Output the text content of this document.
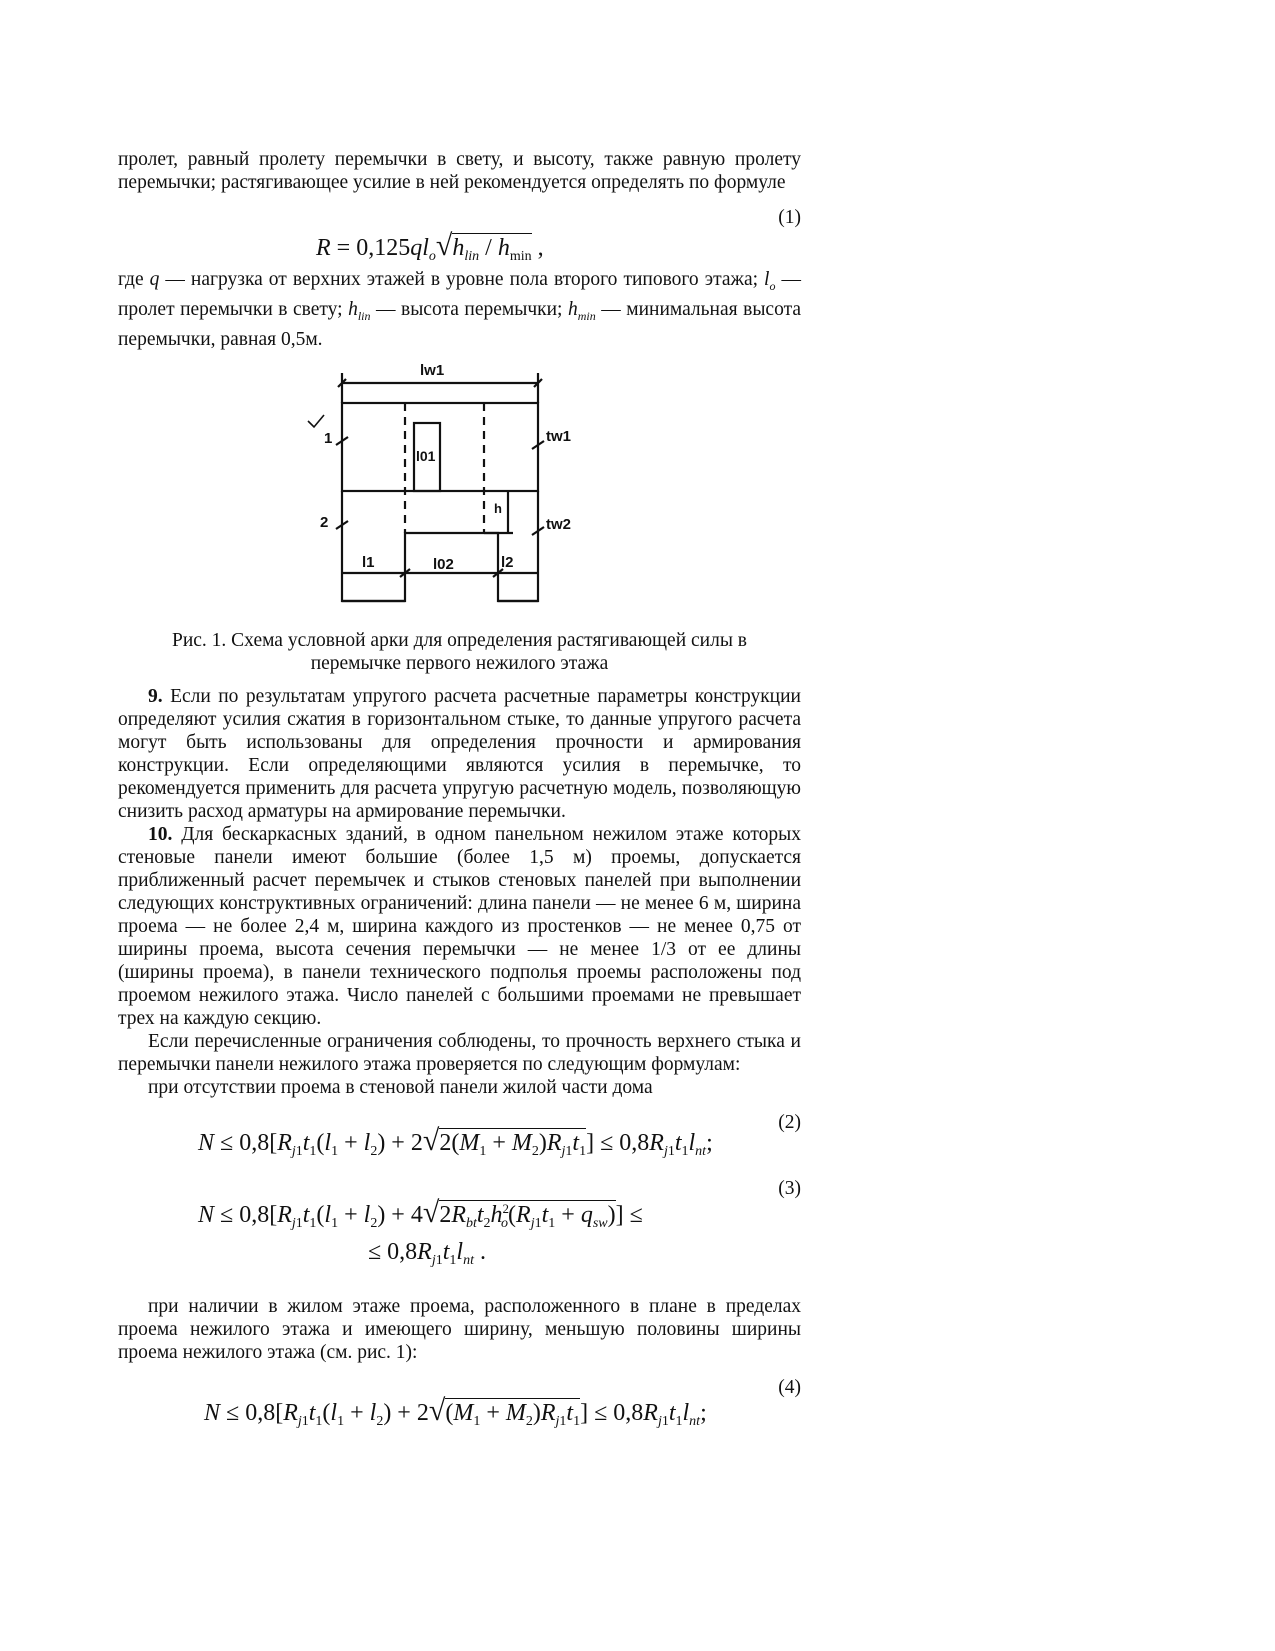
пролет, равный пролету перемычки в свету, и высоту, также равную пролету перемычки; растягивающее усилие в ней рекомендуется определять по формуле

(1)
$R = 0,125ql_o√h_{lin} / h_{min}$ ,

где q — нагрузка от верхних этажей в уровне пола второго типового этажа; $l_o$ — пролет перемычки в свету; $h_{lin}$ — высота перемычки; $h_{min}$ — минимальная высота перемычки, равная 0,5м.

lw1
tw1
tw2
1
2
l01
l02
l1	l2
h

Рис. 1. Схема условной арки для определения растягивающей силы в
перемычке первого нежилого этажа

9. Если по результатам упругого расчета расчетные параметры конструкции определяют усилия сжатия в горизонтальном стыке, то данные упругого расчета могут быть использованы для определения прочности и армирования конструкции. Если определяющими являются усилия в перемычке, то рекомендуется применить для расчета упругую расчетную модель, позволяющую снизить расход арматуры на армирование перемычки.

10. Для бескаркасных зданий, в одном панельном нежилом этаже которых стеновые панели имеют большие (более 1,5 м) проемы, допускается приближенный расчет перемычек и стыков стеновых панелей при выполнении следующих конструктивных ограничений: длина панели — не менее 6 м, ширина проема — не более 2,4 м, ширина каждого из простенков — не менее 0,75 от ширины проема, высота сечения перемычки — не менее 1/3 от ее длины (ширины проема), в панели технического подполья проемы расположены под проемом нежилого этажа. Число панелей с большими проемами не превышает трех на каждую секцию.

Если перечисленные ограничения соблюдены, то прочность верхнего стыка и перемычки панели нежилого этажа проверяется по следующим формулам:

при отсутствии проема в стеновой панели жилой части дома

(2)
$N \le 0,8[R_{j1}t_1(l_1 + l_2) + 2√2(M_1 + M_2)R_{j1}t_1] \le 0,8R_{j1}t_1l_{nt}$;
(3)
$N \le 0,8[R_{j1}t_1(l_1 + l_2) + 4√2R_{bt}t_2h^2_o(R_{j1}t_1 + q_{sw})]$ ≤
≤ $0,8R_{j1}t_1l_{nt}$ .

при наличии в жилом этаже проема, расположенного в плане в пределах проема нежилого этажа и имеющего ширину, меньшую половины ширины проема нежилого этажа (см. рис. 1):

(4)
$N \le 0,8[R_{j1}t_1(l_1 + l_2) + 2√(M_1 + M_2)R_{j1}t_1] \le 0,8R_{j1}t_1l_{nt}$;
